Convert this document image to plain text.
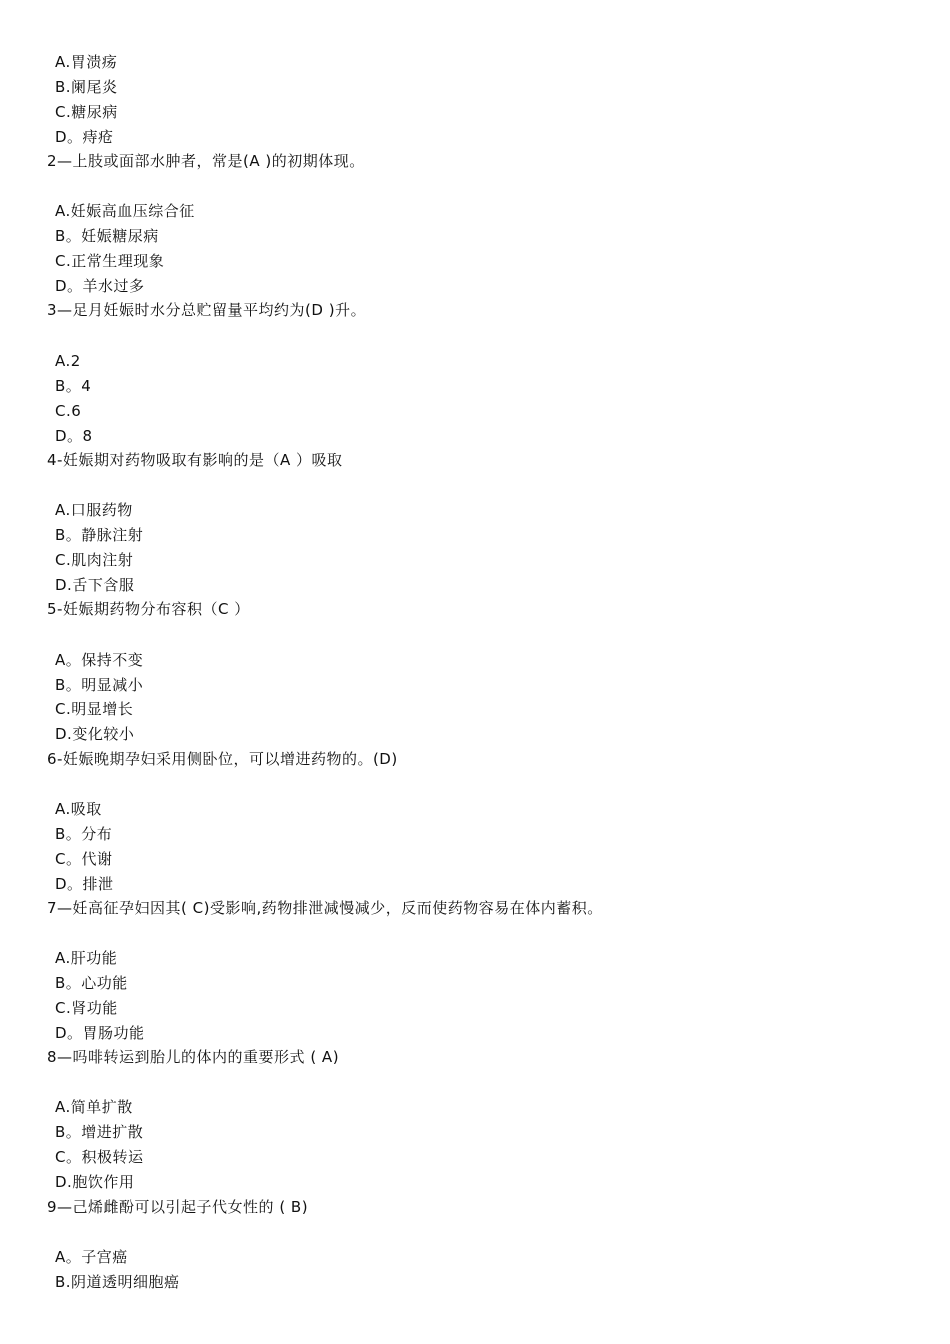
A.胃溃疡
B.阑尾炎
C.糖尿病
D。痔疮
2—上肢或面部水肿者，常是(A )的初期体现。
A.妊娠高血压综合征
B。妊娠糖尿病
C.正常生理现象
D。羊水过多
3—足月妊娠时水分总贮留量平均约为(D )升。
A.2
B。4
C.6
D。8
4-妊娠期对药物吸取有影响的是（A ）吸取
A.口服药物
B。静脉注射
C.肌肉注射
D.舌下含服
5-妊娠期药物分布容积（C ）
A。保持不变
B。明显减小
C.明显增长
D.变化较小
6-妊娠晚期孕妇采用侧卧位，可以增进药物的。(D)
A.吸取
B。分布
C。代谢
D。排泄
7—妊高征孕妇因其( C)受影响,药物排泄减慢减少，反而使药物容易在体内蓄积。
A.肝功能
B。心功能
C.肾功能
D。胃肠功能
8—吗啡转运到胎儿的体内的重要形式 ( A)
A.简单扩散
B。增进扩散
C。积极转运
D.胞饮作用
9—己烯雌酚可以引起子代女性的 ( B)
A。子宫癌
B.阴道透明细胞癌
